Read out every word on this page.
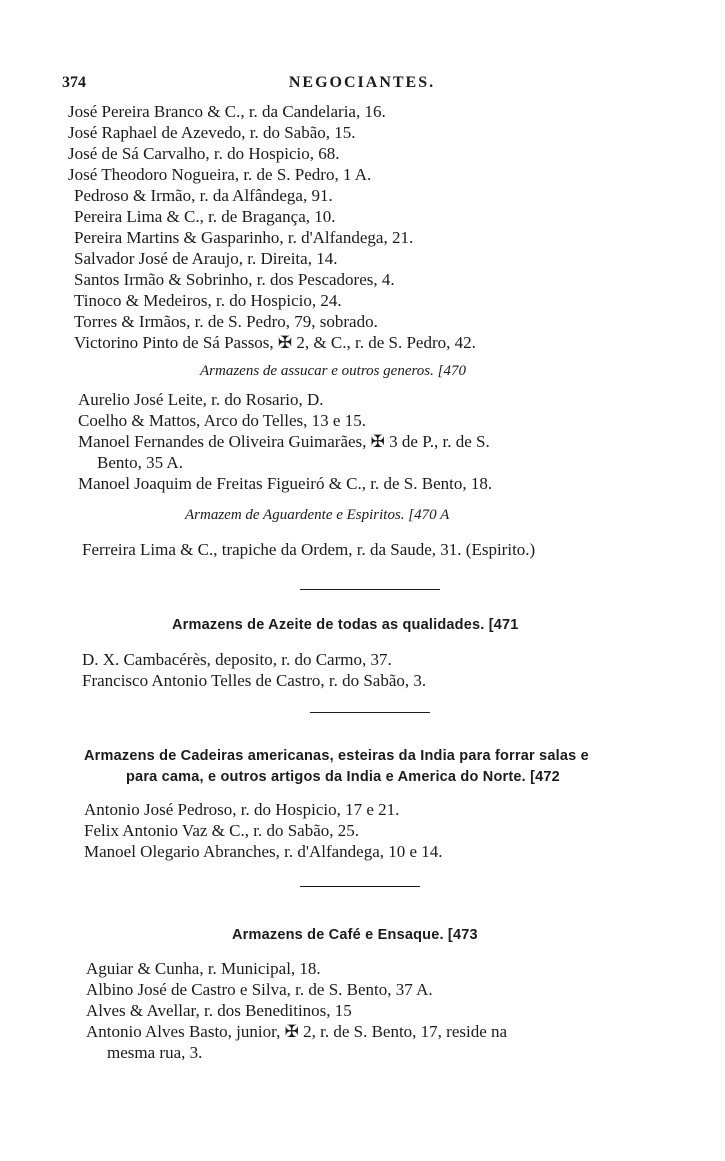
374	NEGOCIANTES.
José Pereira Branco & C., r. da Candelaria, 16.
José Raphael de Azevedo, r. do Sabão, 15.
José de Sá Carvalho, r. do Hospicio, 68.
José Theodoro Nogueira, r. de S. Pedro, 1 A.
Pedroso & Irmão, r. da Alfândega, 91.
Pereira Lima & C., r. de Bragança, 10.
Pereira Martins & Gasparinho, r. d'Alfandega, 21.
Salvador José de Araujo, r. Direita, 14.
Santos Irmão & Sobrinho, r. dos Pescadores, 4.
Tinoco & Medeiros, r. do Hospicio, 24.
Torres & Irmãos, r. de S. Pedro, 79, sobrado.
Victorino Pinto de Sá Passos, ✠ 2, & C., r. de S. Pedro, 42.
Armazens de assucar e outros generos. [470
Aurelio José Leite, r. do Rosario, D.
Coelho & Mattos, Arco do Telles, 13 e 15.
Manoel Fernandes de Oliveira Guimarães, ✠ 3 de P., r. de S.
Bento, 35 A.
Manoel Joaquim de Freitas Figueiró & C., r. de S. Bento, 18.
Armazem de Aguardente e Espiritos. [470 A
Ferreira Lima & C., trapiche da Ordem, r. da Saude, 31. (Espirito.)
Armazens de Azeite de todas as qualidades. [471
D. X. Cambacérès, deposito, r. do Carmo, 37.
Francisco Antonio Telles de Castro, r. do Sabão, 3.
Armazens de Cadeiras americanas, esteiras da India para forrar salas e
para cama, e outros artigos da India e America do Norte. [472
Antonio José Pedroso, r. do Hospicio, 17 e 21.
Felix Antonio Vaz & C., r. do Sabão, 25.
Manoel Olegario Abranches, r. d'Alfandega, 10 e 14.
Armazens de Café e Ensaque. [473
Aguiar & Cunha, r. Municipal, 18.
Albino José de Castro e Silva, r. de S. Bento, 37 A.
Alves & Avellar, r. dos Beneditinos, 15
Antonio Alves Basto, junior, ✠ 2, r. de S. Bento, 17, reside na
mesma rua, 3.
